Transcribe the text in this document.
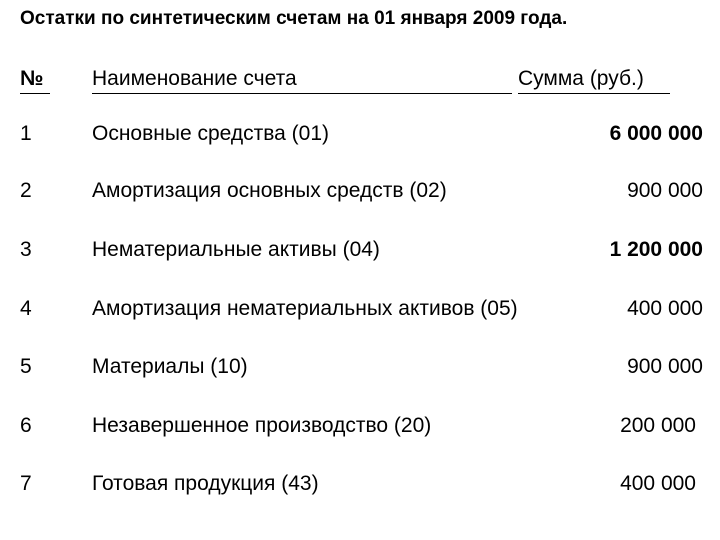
Остатки по синтетическим счетам на 01 января 2009 года.
№ Наименование счета	Сумма (руб.)
1	Основные средства (01)	6 000 000
2	Амортизация основных средств (02)	900 000
3	Нематериальные активы (04)	1 200 000
4	Амортизация нематериальных активов (05)	400 000
5	Материалы (10)	900 000
6	Незавершенное производство (20)	200 000
7	Готовая продукция (43)	400 000
